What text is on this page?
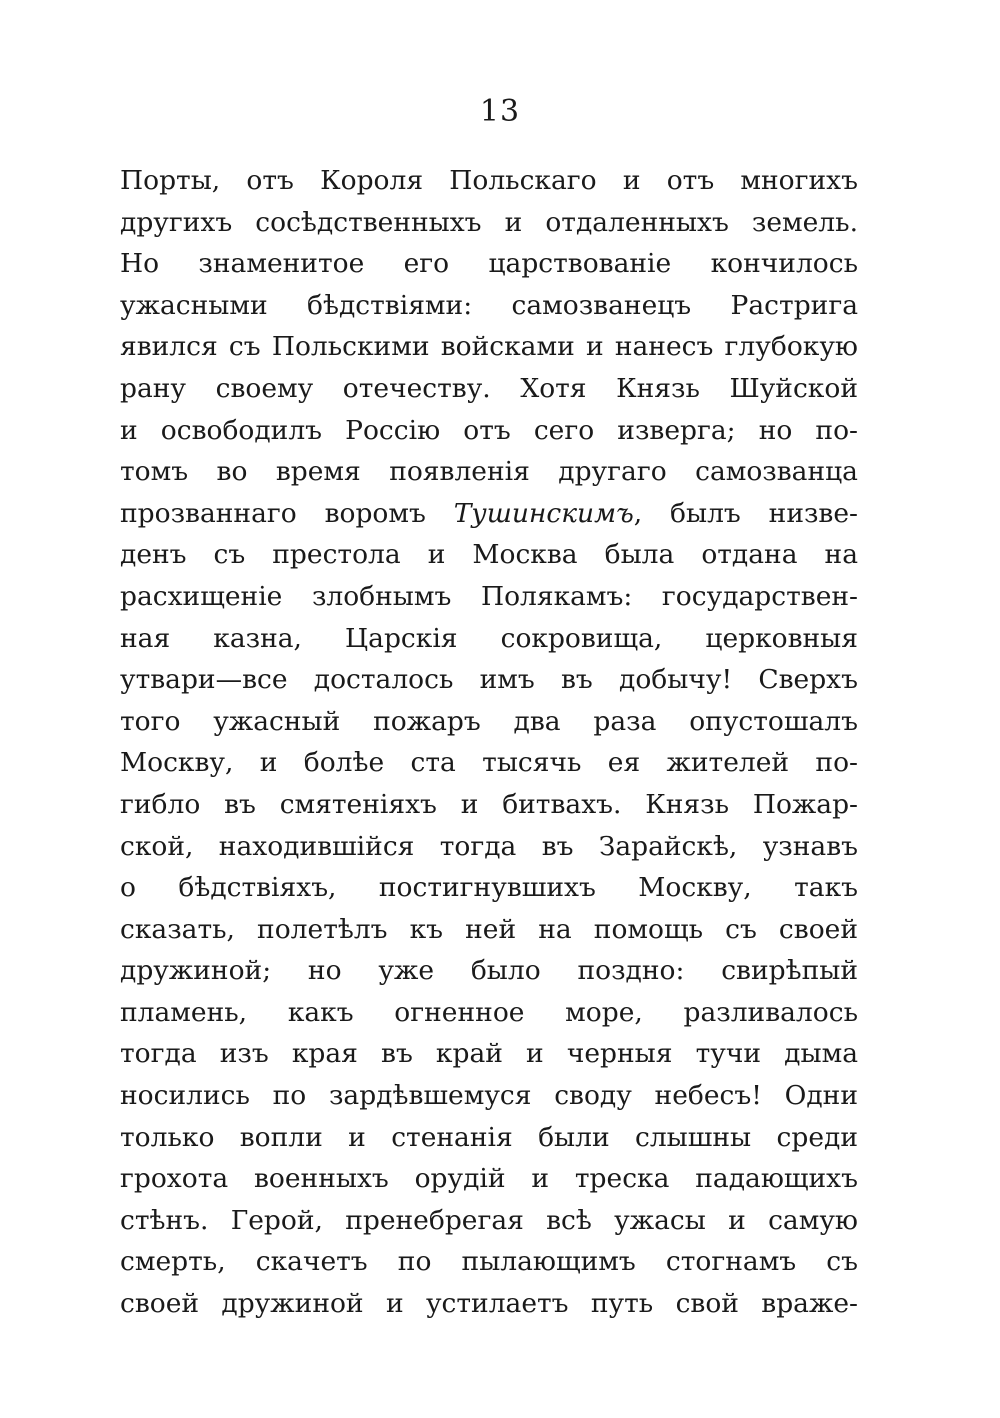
13
Порты, отъ Короля Польскаго и отъ многихъ
другихъ сосѣдственныхъ и отдаленныхъ земель.
Но знаменитое его царствованіе кончилось
ужасными бѣдствіями: самозванецъ Растрига
явился съ Польскими войсками и нанесъ глубокую
рану своему отечеству. Хотя Князь Шуйской
и освободилъ Россію отъ сего изверга; но по-
томъ во время появленія другаго самозванца
прозваннаго воромъ Тушинскимъ, былъ низве-
денъ съ престола и Москва была отдана на
расхищеніе злобнымъ Полякамъ: государствен-
ная казна, Царскія сокровища, церковныя
утвари—все досталось имъ въ добычу! Сверхъ
того ужасный пожаръ два раза опустошалъ
Москву, и болѣе ста тысячь ея жителей по-
гибло въ смятеніяхъ и битвахъ. Князь Пожар-
ской, находившійся тогда въ Зарайскѣ, узнавъ
о бѣдствіяхъ, постигнувшихъ Москву, такъ
сказать, полетѣлъ къ ней на помощь съ своей
дружиной; но уже было поздно: свирѣпый
пламень, какъ огненное море, разливалось
тогда изъ края въ край и черныя тучи дыма
носились по зардѣвшемуся своду небесъ! Одни
только вопли и стенанія были слышны среди
грохота военныхъ орудій и треска падающихъ
стѣнъ. Герой, пренебрегая всѣ ужасы и самую
смерть, скачетъ по пылающимъ стогнамъ съ
своей дружиной и устилаетъ путь свой враже-
